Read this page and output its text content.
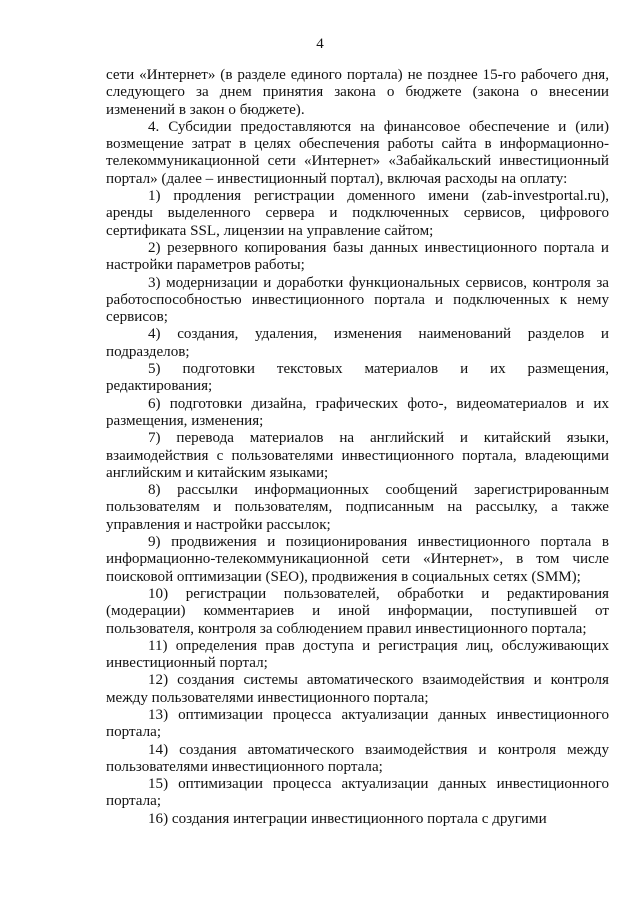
4

сети «Интернет» (в разделе единого портала) не позднее 15-го рабочего дня, следующего за днем принятия закона о бюджете (закона о внесении изменений в закон о бюджете).

4. Субсидии предоставляются на финансовое обеспечение и (или) возмещение затрат в целях обеспечения работы сайта в информационно-телекоммуникационной сети «Интернет» «Забайкальский инвестиционный портал» (далее – инвестиционный портал), включая расходы на оплату:

1) продления регистрации доменного имени (zab-investportal.ru), аренды выделенного сервера и подключенных сервисов, цифрового сертификата SSL, лицензии на управление сайтом;

2) резервного копирования базы данных инвестиционного портала и настройки параметров работы;

3) модернизации и доработки функциональных сервисов, контроля за работоспособностью инвестиционного портала и подключенных к нему сервисов;

4) создания, удаления, изменения наименований разделов и подразделов;

5) подготовки текстовых материалов и их размещения, редактирования;

6) подготовки дизайна, графических фото-, видеоматериалов и их размещения, изменения;

7) перевода материалов на английский и китайский языки, взаимодействия с пользователями инвестиционного портала, владеющими английским и китайским языками;

8) рассылки информационных сообщений зарегистрированным пользователям и пользователям, подписанным на рассылку, а также управления и настройки рассылок;

9) продвижения и позиционирования инвестиционного портала в информационно-телекоммуникационной сети «Интернет», в том числе поисковой оптимизации (SEO), продвижения в социальных сетях (SMM);

10) регистрации пользователей, обработки и редактирования (модерации) комментариев и иной информации, поступившей от пользователя, контроля за соблюдением правил инвестиционного портала;

11) определения прав доступа и регистрация лиц, обслуживающих инвестиционный портал;

12) создания системы автоматического взаимодействия и контроля между пользователями инвестиционного портала;

13) оптимизации процесса актуализации данных инвестиционного портала;

14) создания автоматического взаимодействия и контроля между пользователями инвестиционного портала;

15) оптимизации процесса актуализации данных инвестиционного портала;

16) создания интеграции инвестиционного портала с другими
